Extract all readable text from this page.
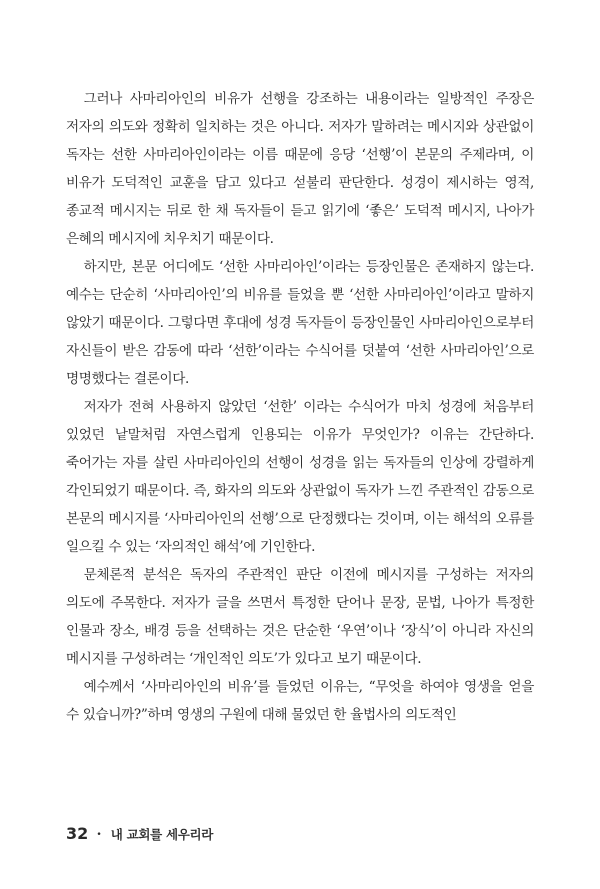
그러나 사마리아인의 비유가 선행을 강조하는 내용이라는 일방적인 주장은 저자의 의도와 정확히 일치하는 것은 아니다. 저자가 말하려는 메시지와 상관없이 독자는 선한 사마리아인이라는 이름 때문에 응당 ‘선행’이 본문의 주제라며, 이 비유가 도덕적인 교훈을 담고 있다고 섣불리 판단한다. 성경이 제시하는 영적, 종교적 메시지는 뒤로 한 채 독자들이 듣고 읽기에 ‘좋은’ 도덕적 메시지, 나아가 은혜의 메시지에 치우치기 때문이다.

하지만, 본문 어디에도 ‘선한 사마리아인’이라는 등장인물은 존재하지 않는다. 예수는 단순히 ‘사마리아인’의 비유를 들었을 뿐 ‘선한 사마리아인’이라고 말하지 않았기 때문이다. 그렇다면 후대에 성경 독자들이 등장인물인 사마리아인으로부터 자신들이 받은 감동에 따라 ‘선한’이라는 수식어를 덧붙여 ‘선한 사마리아인’으로 명명했다는 결론이다.

저자가 전혀 사용하지 않았던 ‘선한’ 이라는 수식어가 마치 성경에 처음부터 있었던 낱말처럼 자연스럽게 인용되는 이유가 무엇인가? 이유는 간단하다. 죽어가는 자를 살린 사마리아인의 선행이 성경을 읽는 독자들의 인상에 강렬하게 각인되었기 때문이다. 즉, 화자의 의도와 상관없이 독자가 느낀 주관적인 감동으로 본문의 메시지를 ‘사마리아인의 선행’으로 단정했다는 것이며, 이는 해석의 오류를 일으킬 수 있는 ‘자의적인 해석’에 기인한다.

문체론적 분석은 독자의 주관적인 판단 이전에 메시지를 구성하는 저자의 의도에 주목한다. 저자가 글을 쓰면서 특정한 단어나 문장, 문법, 나아가 특정한 인물과 장소, 배경 등을 선택하는 것은 단순한 ‘우연’이나 ‘장식’이 아니라 자신의 메시지를 구성하려는 ‘개인적인 의도’가 있다고 보기 때문이다.

예수께서 ‘사마리아인의 비유’를 들었던 이유는, “무엇을 하여야 영생을 얻을 수 있습니까?”하며 영생의 구원에 대해 물었던 한 율법사의 의도적인

32 • 내 교회를 세우리라
